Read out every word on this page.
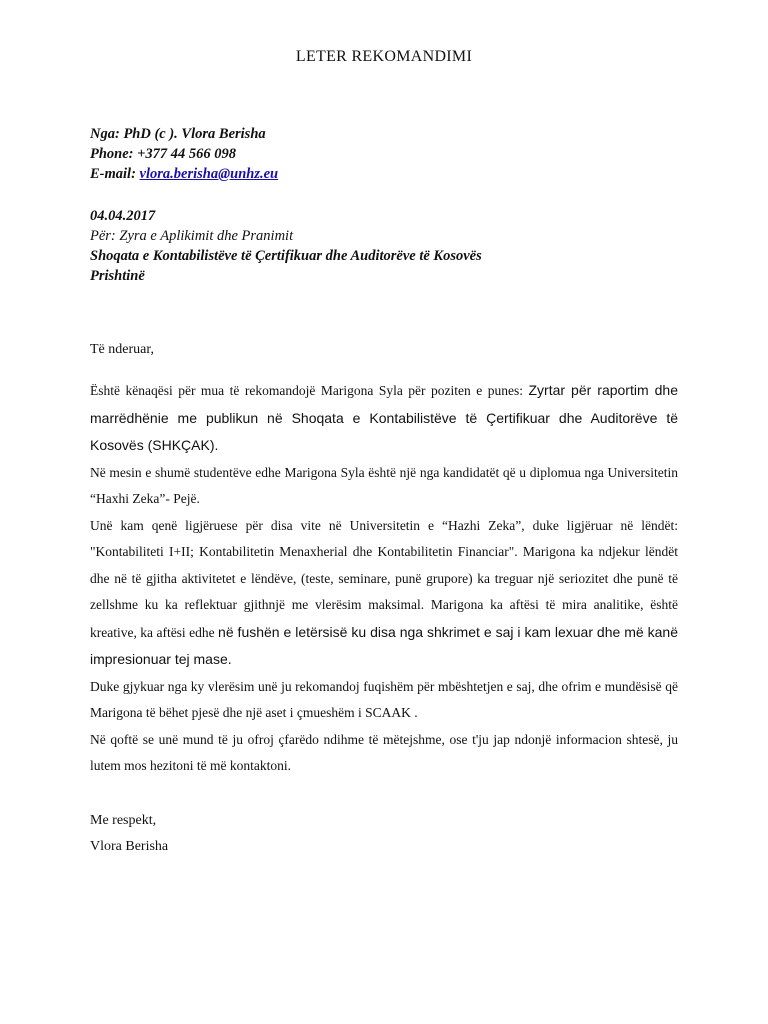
LETER REKOMANDIMI
Nga: PhD (c ). Vlora Berisha
Phone: +377 44 566 098
E-mail: vlora.berisha@unhz.eu
04.04.2017
Për: Zyra e Aplikimit dhe Pranimit
Shoqata e Kontabilistëve të Çertifikuar dhe Auditorëve të Kosovës
Prishtinë
Të nderuar,

Është kënaqësi për mua të rekomandojë Marigona Syla për poziten e punes: Zyrtar për raportim dhe marrëdhënie me publikun në Shoqata e Kontabilistëve të Çertifikuar dhe Auditorëve të Kosovës (SHKÇAK).

Në mesin e shumë studentëve edhe Marigona Syla është një nga kandidatët që u diplomua nga Universitetin “Haxhi Zeka”- Pejë.

Unë kam qenë ligjëruese për disa vite në Universitetin e “Hazhi Zeka”, duke ligjëruar në lëndët: "Kontabiliteti I+II; Kontabilitetin Menaxherial dhe Kontabilitetin Financiar". Marigona ka ndjekur lëndët dhe në të gjitha aktivitetet e lëndëve, (teste, seminare, punë grupore) ka treguar një seriozitet dhe punë të zellshme ku ka reflektuar gjithnjë me vlerësim maksimal. Marigona ka aftësi të mira analitike, është kreative, ka aftësi edhe në fushën e letërsisë ku disa nga shkrimet e saj i kam lexuar dhe më kanë impresionuar tej mase.

Duke gjykuar nga ky vlerësim unë ju rekomandoj fuqishëm për mbështetjen e saj, dhe ofrim e mundësisë që Marigona të bëhet pjesë dhe një aset i çmueshëm i SCAAK .

Në qoftë se unë mund të ju ofroj çfarëdo ndihme të mëtejshme, ose t'ju jap ndonjë informacion shtesë, ju lutem mos hezitoni të më kontaktoni.

Me respekt,
Vlora Berisha
